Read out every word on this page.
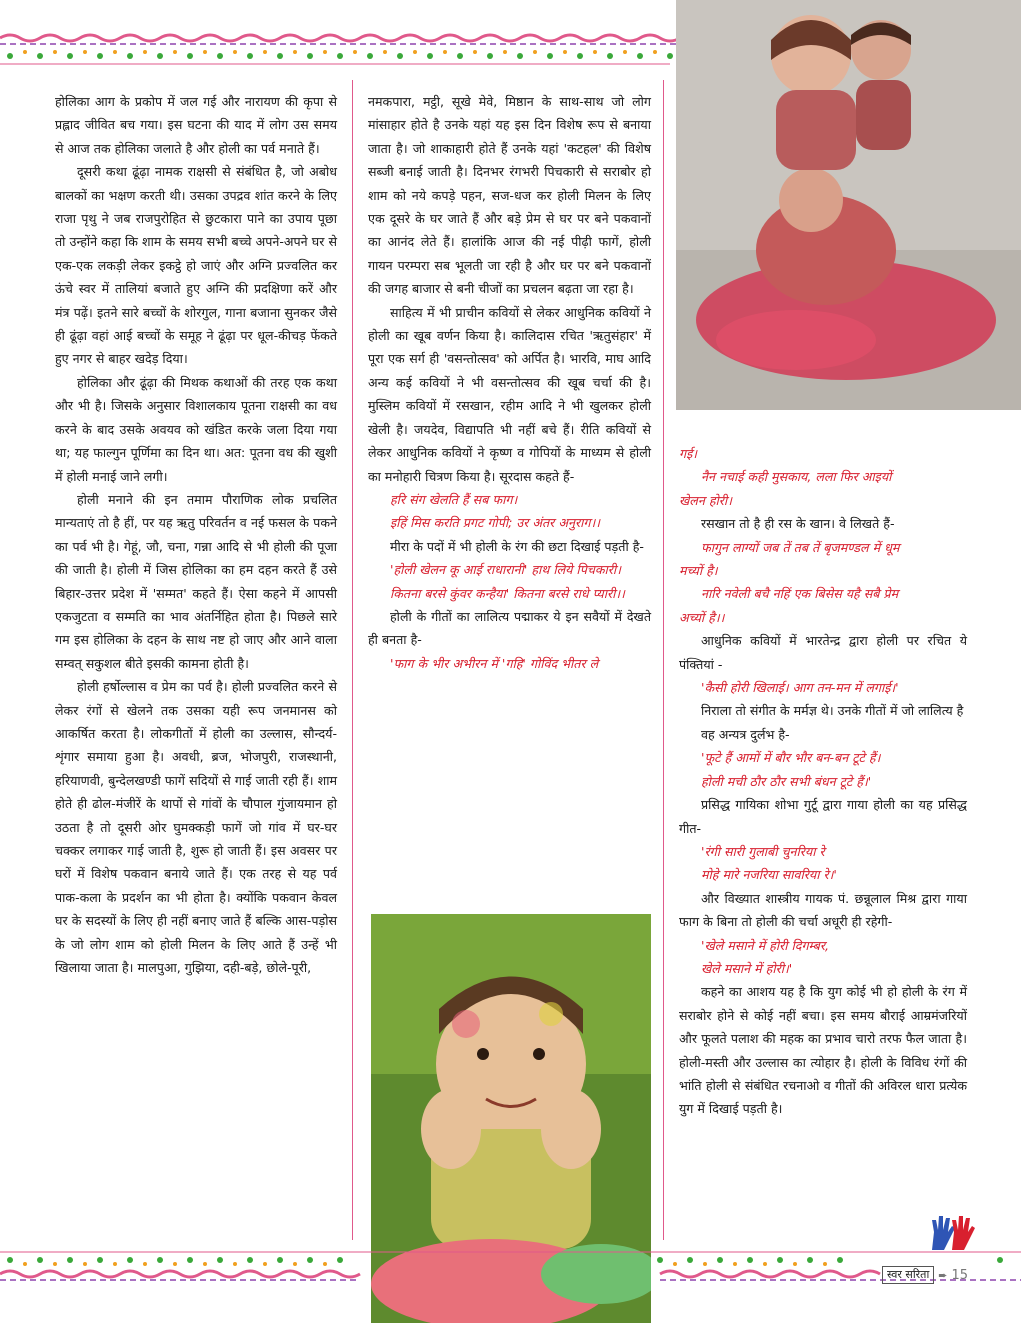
होलिका आग के प्रकोप में जल गई और नारायण की कृपा से प्रह्लाद जीवित बच गया। इस घटना की याद में लोग उस समय से आज तक होलिका जलाते है और होली का पर्व मनाते हैं।

दूसरी कथा ढूंढ़ा नामक राक्षसी से संबंधित है, जो अबोध बालकों का भक्षण करती थी। उसका उपद्रव शांत करने के लिए राजा पृथु ने जब राजपुरोहित से छुटकारा पाने का उपाय पूछा तो उन्होंने कहा कि शाम के समय सभी बच्चे अपने-अपने घर से एक-एक लकड़ी लेकर इकट्ठे हो जाएं और अग्नि प्रज्वलित कर ऊंचे स्वर में तालियां बजाते हुए अग्नि की प्रदक्षिणा करें और मंत्र पढ़ें। इतने सारे बच्चों के शोरगुल, गाना बजाना सुनकर जैसे ही ढूंढ़ा वहां आई बच्चों के समूह ने ढूंढ़ा पर धूल-कीचड़ फेंकते हुए नगर से बाहर खदेड़ दिया।

होलिका और ढूंढ़ा की मिथक कथाओं की तरह एक कथा और भी है। जिसके अनुसार विशालकाय पूतना राक्षसी का वध करने के बाद उसके अवयव को खंडित करके जला दिया गया था; यह फाल्गुन पूर्णिमा का दिन था। अत: पूतना वध की खुशी में होली मनाई जाने लगी।

होली मनाने की इन तमाम पौराणिक लोक प्रचलित मान्यताएं तो है हीं, पर यह ऋतु परिवर्तन व नई फसल के पकने का पर्व भी है। गेहूं, जौ, चना, गन्ना आदि से भी होली की पूजा की जाती है। होली में जिस होलिका का हम दहन करते हैं उसे बिहार-उत्तर प्रदेश में 'सम्मत' कहते हैं। ऐसा कहने में आपसी एकजुटता व सम्मति का भाव अंतर्निहित होता है। पिछले सारे गम इस होलिका के दहन के साथ नष्ट हो जाए और आने वाला सम्वत् सकुशल बीते इसकी कामना होती है।

होली हर्षोल्लास व प्रेम का पर्व है। होली प्रज्वलित करने से लेकर रंगों से खेलने तक उसका यही रूप जनमानस को आकर्षित करता है। लोकगीतों में होली का उल्लास, सौन्दर्य-शृंगार समाया हुआ है। अवधी, ब्रज, भोजपुरी, राजस्थानी, हरियाणवी, बुन्देलखण्डी फागें सदियों से गाई जाती रही हैं। शाम होते ही ढोल-मंजीरें के थापों से गांवों के चौपाल गुंजायमान हो उठता है तो दूसरी ओर घुमक्कड़ी फागें जो गांव में घर-घर चक्कर लगाकर गाई जाती है, शुरू हो जाती हैं। इस अवसर पर घरों में विशेष पकवान बनाये जाते हैं। एक तरह से यह पर्व पाक-कला के प्रदर्शन का भी होता है। क्योंकि पकवान केवल घर के सदस्यों के लिए ही नहीं बनाए जाते हैं बल्कि आस-पड़ोस के जो लोग शाम को होली मिलन के लिए आते हैं उन्हें भी खिलाया जाता है। मालपुआ, गुझिया, दही-बड़े, छोले-पूरी,

नमकपारा, मट्ठी, सूखे मेवे, मिष्ठान के साथ-साथ जो लोग मांसाहार होते है उनके यहां यह इस दिन विशेष रूप से बनाया जाता है। जो शाकाहारी होते हैं उनके यहां 'कटहल' की विशेष सब्जी बनाई जाती है। दिनभर रंगभरी पिचकारी से सराबोर हो शाम को नये कपड़े पहन, सज-धज कर होली मिलन के लिए एक दूसरे के घर जाते हैं और बड़े प्रेम से घर पर बने पकवानों का आनंद लेते हैं। हालांकि आज की नई पीढ़ी फागें, होली गायन परम्परा सब भूलती जा रही है और घर पर बने पकवानों की जगह बाजार से बनी चीजों का प्रचलन बढ़ता जा रहा है।

साहित्य में भी प्राचीन कवियों से लेकर आधुनिक कवियों ने होली का खूब वर्णन किया है। कालिदास रचित 'ऋतुसंहार' में पूरा एक सर्ग ही 'वसन्तोत्सव' को अर्पित है। भारवि, माघ आदि अन्य कई कवियों ने भी वसन्तोत्सव की खूब चर्चा की है। मुस्लिम कवियों में रसखान, रहीम आदि ने भी खुलकर होली खेली है। जयदेव, विद्यापति भी नहीं बचे हैं। रीति कवियों से लेकर आधुनिक कवियों ने कृष्ण व गोपियों के माध्यम से होली का मनोहारी चित्रण किया है। सूरदास कहते हैं-

हरि संग खेलति हैं सब फाग।

इहिं मिस करति प्रगट गोपी; उर अंतर अनुराग।।

मीरा के पदों में भी होली के रंग की छटा दिखाई पड़ती है-

'होली खेलन कू आई राधारानी' हाथ लिये पिचकारी।

कितना बरसे कुंवर कन्हैया' कितना बरसे राधे प्यारी।।

होली के गीतों का लालित्य पद्माकर ये इन सवैयों में देखते ही बनता है-

'फाग के भीर अभीरन में 'गहि' गोविंद भीतर ले

गई।

नैन नचाई कही मुसकाय, लला फिर आइयों

खेलन होरी।

रसखान तो है ही रस के खान। वे लिखते हैं-

फागुन लाग्यों जब तें तब तें बृजमण्डल में धूम

मच्यों है।

नारि नवेली बचै नहिं एक बिसेस यहै सबै प्रेम

अच्यों है।।

आधुनिक कवियों में भारतेन्द्र द्वारा होली पर रचित ये पंक्तियां -

'कैसी होरी खिलाई। आग तन-मन में लगाई।'

निराला तो संगीत के मर्मज्ञ थे। उनके गीतों में जो लालित्य है

वह अन्यत्र दुर्लभ है-

'फूटे हैं आमों में बौर भौर बन-बन टूटे हैं।

होली मची ठौर ठौर सभी बंधन टूटे हैं।'

प्रसिद्ध गायिका शोभा गुर्टू द्वारा गाया होली का यह प्रसिद्ध गीत-

'रंगी सारी गुलाबी चुनरिया रे

मोहे मारे नजरिया सावरिया रे।'

और विख्यात शास्त्रीय गायक पं. छन्नूलाल मिश्र द्वारा गाया फाग के बिना तो होली की चर्चा अधूरी ही रहेगी-

'खेले मसाने में होरी दिगम्बर,

खेले मसाने में होरी।'

कहने का आशय यह है कि युग कोई भी हो होली के रंग में सराबोर होने से कोई नहीं बचा। इस समय बौराई आम्रमंजरियों और फूलते पलाश की महक का प्रभाव चारो तरफ फैल जाता है। होली-मस्ती और उल्लास का त्योहार है। होली के विविध रंगों की भांति होली से संबंधित रचनाओ व गीतों की अविरल धारा प्रत्येक युग में दिखाई पड़ती है।

स्वर सरिता ➨ 15
